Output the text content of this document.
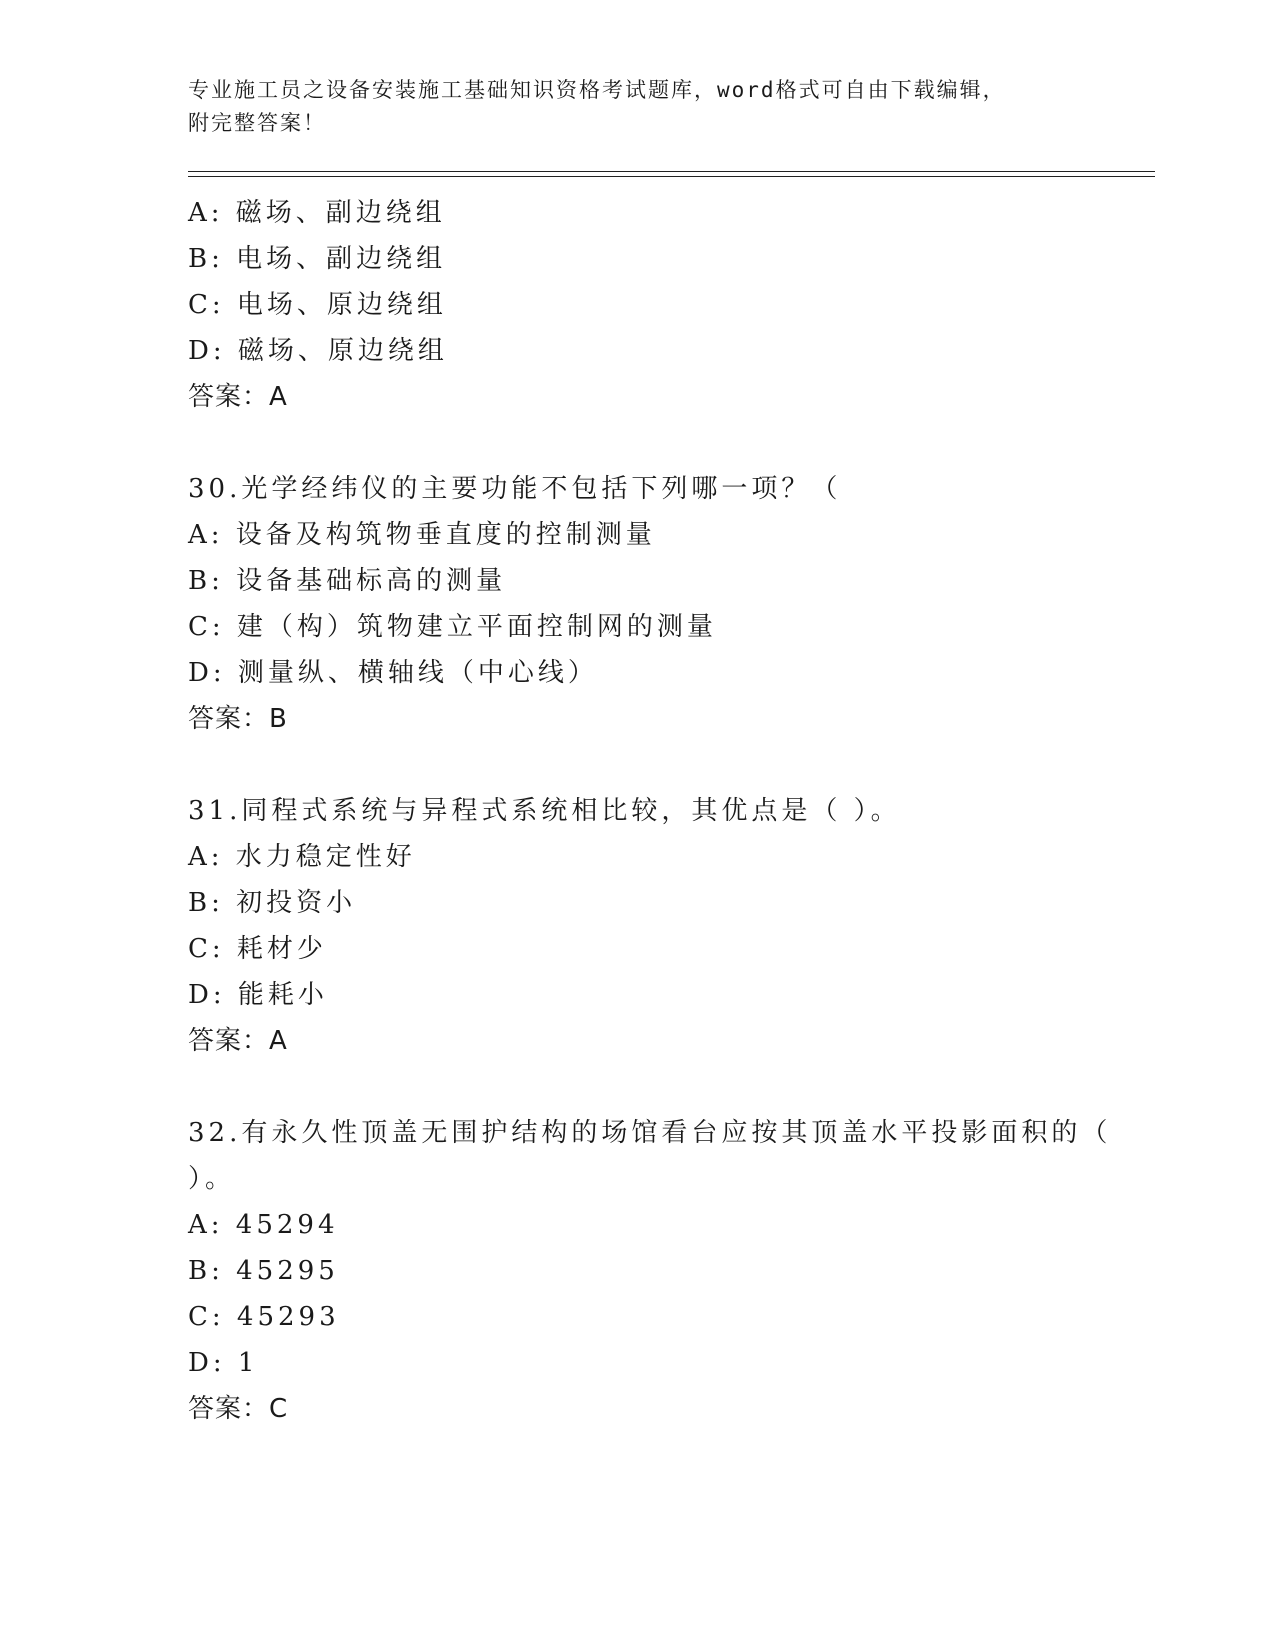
专业施工员之设备安装施工基础知识资格考试题库，word格式可自由下载编辑，
附完整答案！
A: 磁场、副边绕组
B: 电场、副边绕组
C: 电场、原边绕组
D: 磁场、原边绕组
答案：A
30.光学经纬仪的主要功能不包括下列哪一项？（
A: 设备及构筑物垂直度的控制测量
B: 设备基础标高的测量
C: 建（构）筑物建立平面控制网的测量
D: 测量纵、横轴线（中心线）
答案：B
31.同程式系统与异程式系统相比较，其优点是（ ）。
A: 水力稳定性好
B: 初投资小
C: 耗材少
D: 能耗小
答案：A
32.有永久性顶盖无围护结构的场馆看台应按其顶盖水平投影面积的（
）。
A: 45294
B: 45295
C: 45293
D: 1
答案：C
